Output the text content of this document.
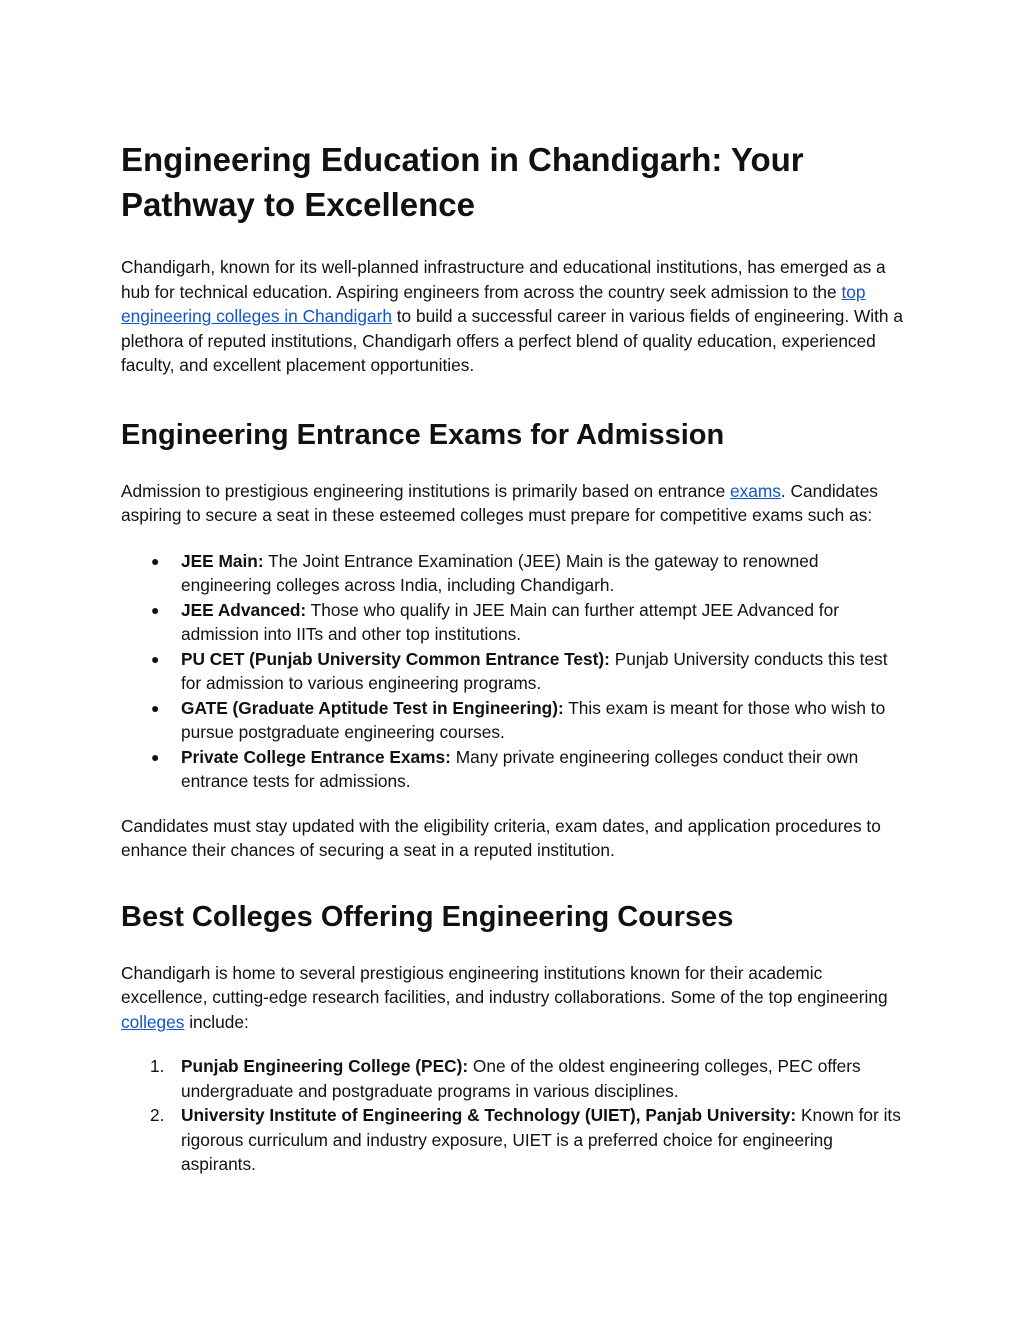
Engineering Education in Chandigarh: Your Pathway to Excellence

Chandigarh, known for its well-planned infrastructure and educational institutions, has emerged as a hub for technical education. Aspiring engineers from across the country seek admission to the top engineering colleges in Chandigarh to build a successful career in various fields of engineering. With a plethora of reputed institutions, Chandigarh offers a perfect blend of quality education, experienced faculty, and excellent placement opportunities.

Engineering Entrance Exams for Admission

Admission to prestigious engineering institutions is primarily based on entrance exams. Candidates aspiring to secure a seat in these esteemed colleges must prepare for competitive exams such as:

● JEE Main: The Joint Entrance Examination (JEE) Main is the gateway to renowned engineering colleges across India, including Chandigarh.
● JEE Advanced: Those who qualify in JEE Main can further attempt JEE Advanced for admission into IITs and other top institutions.
● PU CET (Punjab University Common Entrance Test): Punjab University conducts this test for admission to various engineering programs.
● GATE (Graduate Aptitude Test in Engineering): This exam is meant for those who wish to pursue postgraduate engineering courses.
● Private College Entrance Exams: Many private engineering colleges conduct their own entrance tests for admissions.

Candidates must stay updated with the eligibility criteria, exam dates, and application procedures to enhance their chances of securing a seat in a reputed institution.

Best Colleges Offering Engineering Courses

Chandigarh is home to several prestigious engineering institutions known for their academic excellence, cutting-edge research facilities, and industry collaborations. Some of the top engineering colleges include:

1. Punjab Engineering College (PEC): One of the oldest engineering colleges, PEC offers undergraduate and postgraduate programs in various disciplines.
2. University Institute of Engineering & Technology (UIET), Panjab University: Known for its rigorous curriculum and industry exposure, UIET is a preferred choice for engineering aspirants.
